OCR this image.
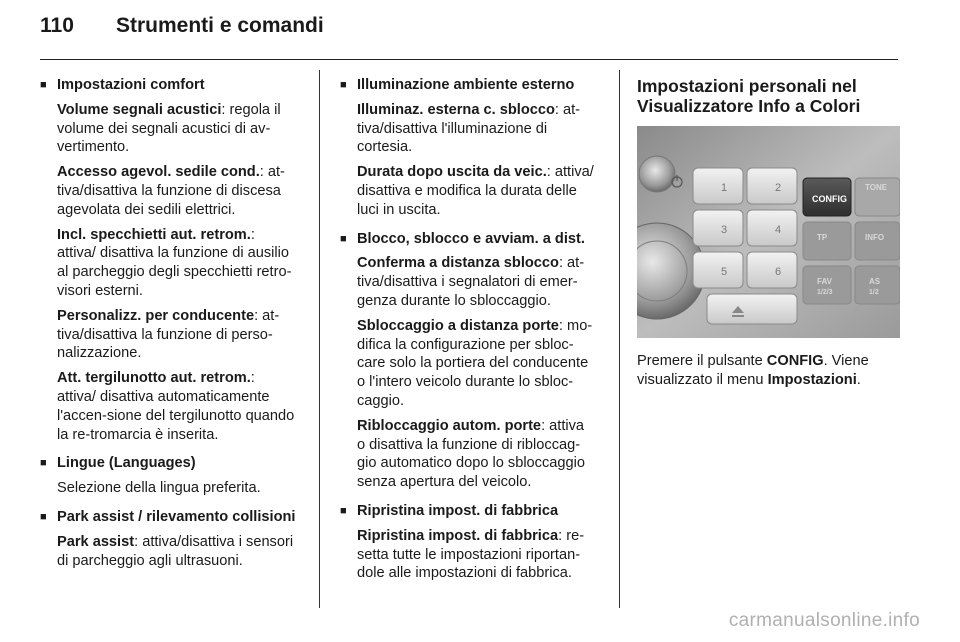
110	Strumenti e comandi
■ Impostazioni comfort
Volume segnali acustici: regola il volume dei segnali acustici di av-vertimento.
Accesso agevol. sedile cond.: at-tiva/disattiva la funzione di discesa agevolata dei sedili elettrici.
Incl. specchietti aut. retrom.: attiva/ disattiva la funzione di ausilio al parcheggio degli specchietti retro-visori esterni.
Personalizz. per conducente: at-tiva/disattiva la funzione di perso-nalizzazione.
Att. tergilunotto aut. retrom.: attiva/ disattiva automaticamente l'accen-sione del tergilunotto quando la re-tromarcia è inserita.
■ Lingue (Languages)
Selezione della lingua preferita.
■ Park assist / rilevamento collisioni
Park assist: attiva/disattiva i sensori di parcheggio agli ultrasuoni.
■ Illuminazione ambiente esterno
Illuminaz. esterna c. sblocco: at-tiva/disattiva l'illuminazione di cortesia.
Durata dopo uscita da veic.: attiva/ disattiva e modifica la durata delle luci in uscita.
■ Blocco, sblocco e avviam. a dist.
Conferma a distanza sblocco: at-tiva/disattiva i segnalatori di emer-genza durante lo sbloccaggio.
Sbloccaggio a distanza porte: mo-difica la configurazione per sbloc-care solo la portiera del conducente o l'intero veicolo durante lo sbloc-caggio.
Ribloccaggio autom. porte: attiva o disattiva la funzione di ribloccag-gio automatico dopo lo sbloccaggio senza apertura del veicolo.
■ Ripristina impost. di fabbrica
Ripristina impost. di fabbrica: re-setta tutte le impostazioni riportan-dole alle impostazioni di fabbrica.
Impostazioni personali nel Visualizzatore Info a Colori
1	2
3	4
5	6
CONFIG
TONE
TP	INFO
FAV
1/2/3
AS
1/2
Premere il pulsante CONFIG. Viene visualizzato il menu Impostazioni.
carmanualsonline.info
